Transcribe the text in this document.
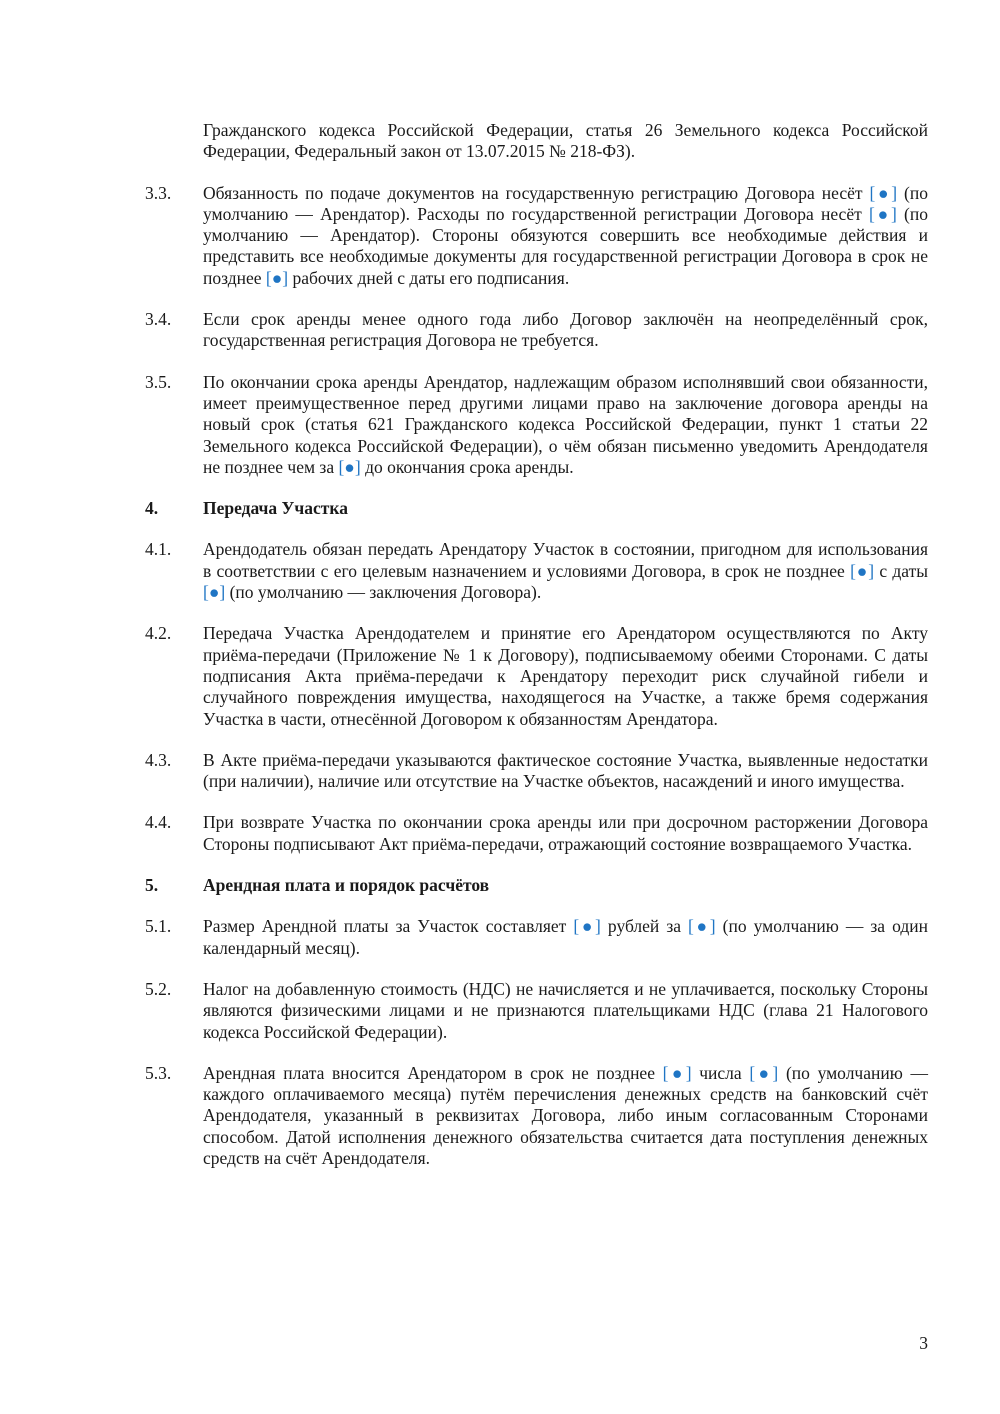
Гражданского кодекса Российской Федерации, статья 26 Земельного кодекса Российской Федерации, Федеральный закон от 13.07.2015 № 218-ФЗ).
3.3.	Обязанность по подаче документов на государственную регистрацию Договора несёт [●] (по умолчанию — Арендатор). Расходы по государственной регистрации Договора несёт [●] (по умолчанию — Арендатор). Стороны обязуются совершить все необходимые действия и представить все необходимые документы для государственной регистрации Договора в срок не позднее [●] рабочих дней с даты его подписания.
3.4.	Если срок аренды менее одного года либо Договор заключён на неопределённый срок, государственная регистрация Договора не требуется.
3.5.	По окончании срока аренды Арендатор, надлежащим образом исполнявший свои обязанности, имеет преимущественное перед другими лицами право на заключение договора аренды на новый срок (статья 621 Гражданского кодекса Российской Федерации, пункт 1 статьи 22 Земельного кодекса Российской Федерации), о чём обязан письменно уведомить Арендодателя не позднее чем за [●] до окончания срока аренды.
4.	Передача Участка
4.1.	Арендодатель обязан передать Арендатору Участок в состоянии, пригодном для использования в соответствии с его целевым назначением и условиями Договора, в срок не позднее [●] с даты [●] (по умолчанию — заключения Договора).
4.2.	Передача Участка Арендодателем и принятие его Арендатором осуществляются по Акту приёма-передачи (Приложение № 1 к Договору), подписываемому обеими Сторонами. С даты подписания Акта приёма-передачи к Арендатору переходит риск случайной гибели и случайного повреждения имущества, находящегося на Участке, а также бремя содержания Участка в части, отнесённой Договором к обязанностям Арендатора.
4.3.	В Акте приёма-передачи указываются фактическое состояние Участка, выявленные недостатки (при наличии), наличие или отсутствие на Участке объектов, насаждений и иного имущества.
4.4.	При возврате Участка по окончании срока аренды или при досрочном расторжении Договора Стороны подписывают Акт приёма-передачи, отражающий состояние возвращаемого Участка.
5.	Арендная плата и порядок расчётов
5.1.	Размер Арендной платы за Участок составляет [●] рублей за [●] (по умолчанию — за один календарный месяц).
5.2.	Налог на добавленную стоимость (НДС) не начисляется и не уплачивается, поскольку Стороны являются физическими лицами и не признаются плательщиками НДС (глава 21 Налогового кодекса Российской Федерации).
5.3.	Арендная плата вносится Арендатором в срок не позднее [●] числа [●] (по умолчанию — каждого оплачиваемого месяца) путём перечисления денежных средств на банковский счёт Арендодателя, указанный в реквизитах Договора, либо иным согласованным Сторонами способом. Датой исполнения денежного обязательства считается дата поступления денежных средств на счёт Арендодателя.
3
